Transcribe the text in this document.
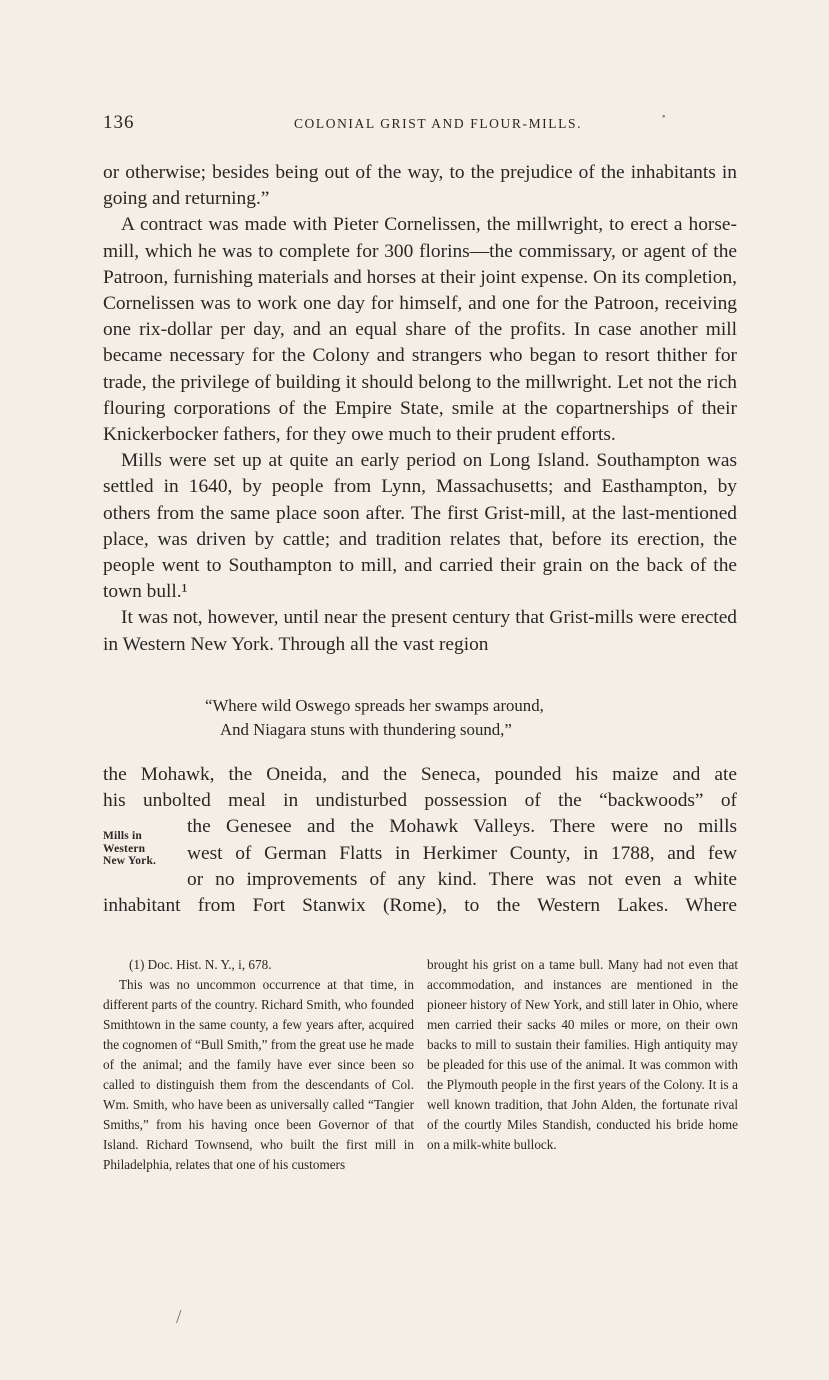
136	COLONIAL GRIST AND FLOUR-MILLS.

or otherwise; besides being out of the way, to the prejudice of the inhabitants in going and returning.”

A contract was made with Pieter Cornelissen, the millwright, to erect a horse-mill, which he was to complete for 300 florins—the commissary, or agent of the Patroon, furnishing materials and horses at their joint expense. On its completion, Cornelissen was to work one day for himself, and one for the Patroon, receiving one rix-dollar per day, and an equal share of the profits. In case another mill became necessary for the Colony and strangers who began to resort thither for trade, the privilege of building it should belong to the millwright. Let not the rich flouring corporations of the Empire State, smile at the copartnerships of their Knickerbocker fathers, for they owe much to their prudent efforts.

Mills were set up at quite an early period on Long Island. Southampton was settled in 1640, by people from Lynn, Massachusetts; and Easthampton, by others from the same place soon after. The first Grist-mill, at the last-mentioned place, was driven by cattle; and tradition relates that, before its erection, the people went to Southampton to mill, and carried their grain on the back of the town bull.¹

It was not, however, until near the present century that Grist-mills were erected in Western New York. Through all the vast region

“Where wild Oswego spreads her swamps around,
And Niagara stuns with thundering sound,”
the Mohawk, the Oneida, and the Seneca, pounded his maize and ate
his unbolted meal in undisturbed possession of the “backwoods” of
the Genesee and the Mohawk Valleys. There were no mills
west of German Flatts in Herkimer County, in 1788, and few
or no improvements of any kind. There was not even a white
inhabitant from Fort Stanwix (Rome), to the Western Lakes. Where
Mills in
Western
New York.

(1) Doc. Hist. N. Y., i, 678.

This was no uncommon occurrence at that time, in different parts of the country. Richard Smith, who founded Smithtown in the same county, a few years after, acquired the cognomen of “Bull Smith,” from the great use he made of the animal; and the family have ever since been so called to distinguish them from the descendants of Col. Wm. Smith, who have been as universally called “Tangier Smiths,” from his having once been Governor of that Island. Richard Townsend, who built the first mill in Philadelphia, relates that one of his customers

brought his grist on a tame bull. Many had not even that accommodation, and instances are mentioned in the pioneer history of New York, and still later in Ohio, where men carried their sacks 40 miles or more, on their own backs to mill to sustain their families. High antiquity may be pleaded for this use of the animal. It was common with the Plymouth people in the first years of the Colony. It is a well known tradition, that John Alden, the fortunate rival of the courtly Miles Standish, conducted his bride home on a milk-white bullock.

•
/
